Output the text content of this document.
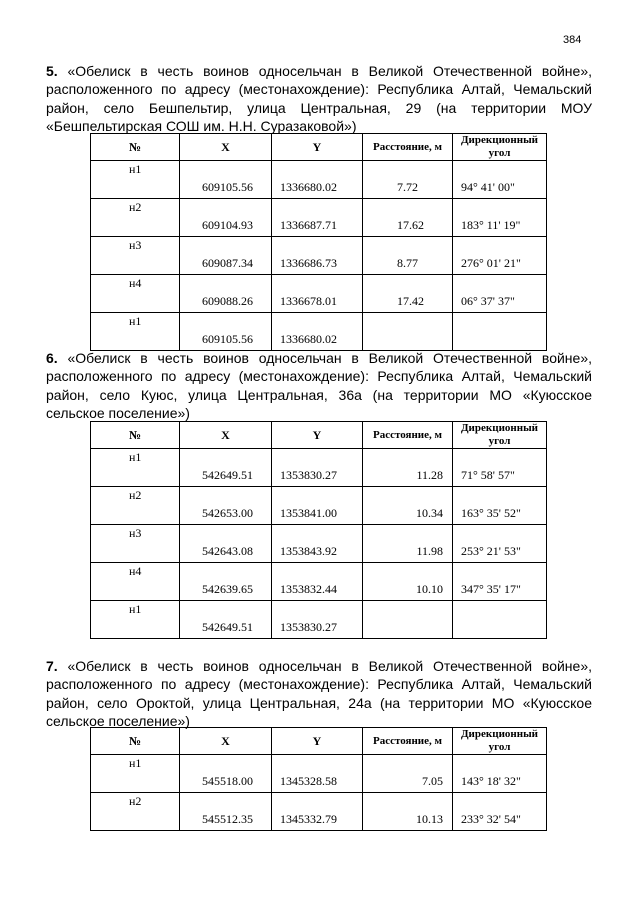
384
5. «Обелиск в честь воинов односельчан в Великой Отечественной войне», расположенного по адресу (местонахождение): Республика Алтай, Чемальский район, село Бешпельтир, улица Центральная, 29 (на территории МОУ «Бешпельтирская СОШ им. Н.Н. Суразаковой»)
№	X	Y	Расстояние, м	Дирекционный угол

н1	609105.56	1336680.02	7.72	94° 41' 00"

н2	609104.93	1336687.71	17.62	183° 11' 19"

н3	609087.34	1336686.73	8.77	276° 01' 21"

н4	609088.26	1336678.01	17.42	06° 37' 37"

н1	609105.56	1336680.02		

6. «Обелиск в честь воинов односельчан в Великой Отечественной войне», расположенного по адресу (местонахождение): Республика Алтай, Чемальский район, село Куюс, улица Центральная, 36а (на территории МО «Куюсское сельское поселение»)
№	X	Y	Расстояние, м	Дирекционный угол

н1	542649.51	1353830.27	11.28	71° 58' 57"

н2	542653.00	1353841.00	10.34	163° 35' 52"

н3	542643.08	1353843.92	11.98	253° 21' 53"

н4	542639.65	1353832.44	10.10	347° 35' 17"

н1	542649.51	1353830.27		

7. «Обелиск в честь воинов односельчан в Великой Отечественной войне», расположенного по адресу (местонахождение): Республика Алтай, Чемальский район, село Ороктой, улица Центральная, 24а (на территории МО «Куюсское сельское поселение»)
№	X	Y	Расстояние, м	Дирекционный угол

н1	545518.00	1345328.58	7.05	143° 18' 32"

н2	545512.35	1345332.79	10.13	233° 32' 54"
